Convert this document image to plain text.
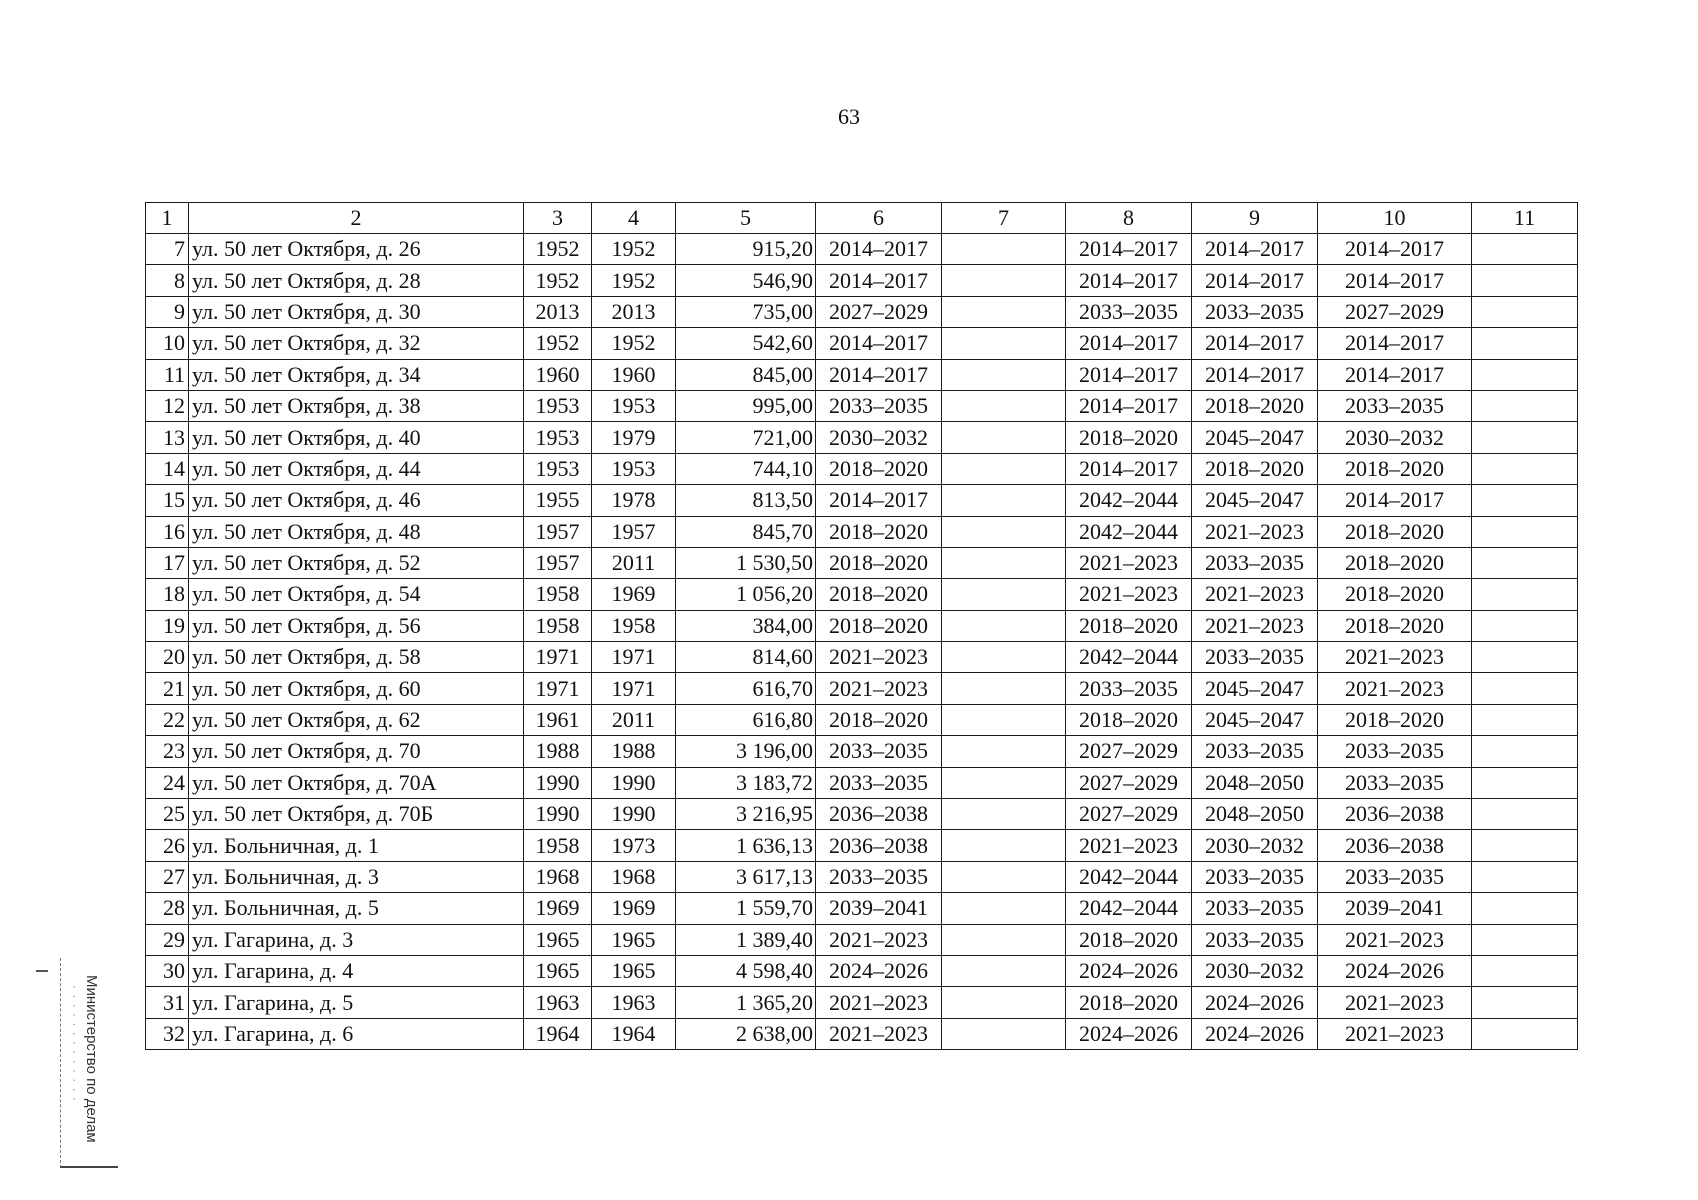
63
1	2	3	4	5	6	7	8	9	10	11
7	ул. 50 лет Октября, д. 26	1952	1952	915,20	2014–2017		2014–2017	2014–2017	2014–2017	
8	ул. 50 лет Октября, д. 28	1952	1952	546,90	2014–2017		2014–2017	2014–2017	2014–2017	
9	ул. 50 лет Октября, д. 30	2013	2013	735,00	2027–2029		2033–2035	2033–2035	2027–2029	
10	ул. 50 лет Октября, д. 32	1952	1952	542,60	2014–2017		2014–2017	2014–2017	2014–2017	
11	ул. 50 лет Октября, д. 34	1960	1960	845,00	2014–2017		2014–2017	2014–2017	2014–2017	
12	ул. 50 лет Октября, д. 38	1953	1953	995,00	2033–2035		2014–2017	2018–2020	2033–2035	
13	ул. 50 лет Октября, д. 40	1953	1979	721,00	2030–2032		2018–2020	2045–2047	2030–2032	
14	ул. 50 лет Октября, д. 44	1953	1953	744,10	2018–2020		2014–2017	2018–2020	2018–2020	
15	ул. 50 лет Октября, д. 46	1955	1978	813,50	2014–2017		2042–2044	2045–2047	2014–2017	
16	ул. 50 лет Октября, д. 48	1957	1957	845,70	2018–2020		2042–2044	2021–2023	2018–2020	
17	ул. 50 лет Октября, д. 52	1957	2011	1 530,50	2018–2020		2021–2023	2033–2035	2018–2020	
18	ул. 50 лет Октября, д. 54	1958	1969	1 056,20	2018–2020		2021–2023	2021–2023	2018–2020	
19	ул. 50 лет Октября, д. 56	1958	1958	384,00	2018–2020		2018–2020	2021–2023	2018–2020	
20	ул. 50 лет Октября, д. 58	1971	1971	814,60	2021–2023		2042–2044	2033–2035	2021–2023	
21	ул. 50 лет Октября, д. 60	1971	1971	616,70	2021–2023		2033–2035	2045–2047	2021–2023	
22	ул. 50 лет Октября, д. 62	1961	2011	616,80	2018–2020		2018–2020	2045–2047	2018–2020	
23	ул. 50 лет Октября, д. 70	1988	1988	3 196,00	2033–2035		2027–2029	2033–2035	2033–2035	
24	ул. 50 лет Октября, д. 70А	1990	1990	3 183,72	2033–2035		2027–2029	2048–2050	2033–2035	
25	ул. 50 лет Октября, д. 70Б	1990	1990	3 216,95	2036–2038		2027–2029	2048–2050	2036–2038	
26	ул. Больничная, д. 1	1958	1973	1 636,13	2036–2038		2021–2023	2030–2032	2036–2038	
27	ул. Больничная, д. 3	1968	1968	3 617,13	2033–2035		2042–2044	2033–2035	2033–2035	
28	ул. Больничная, д. 5	1969	1969	1 559,70	2039–2041		2042–2044	2033–2035	2039–2041	
29	ул. Гагарина, д. 3	1965	1965	1 389,40	2021–2023		2018–2020	2033–2035	2021–2023	
30	ул. Гагарина, д. 4	1965	1965	4 598,40	2024–2026		2024–2026	2030–2032	2024–2026	
31	ул. Гагарина, д. 5	1963	1963	1 365,20	2021–2023		2018–2020	2024–2026	2021–2023	
32	ул. Гагарина, д. 6	1964	1964	2 638,00	2021–2023		2024–2026	2024–2026	2021–2023	
Министерство по делам
· · · · · · · · · · · · ·
